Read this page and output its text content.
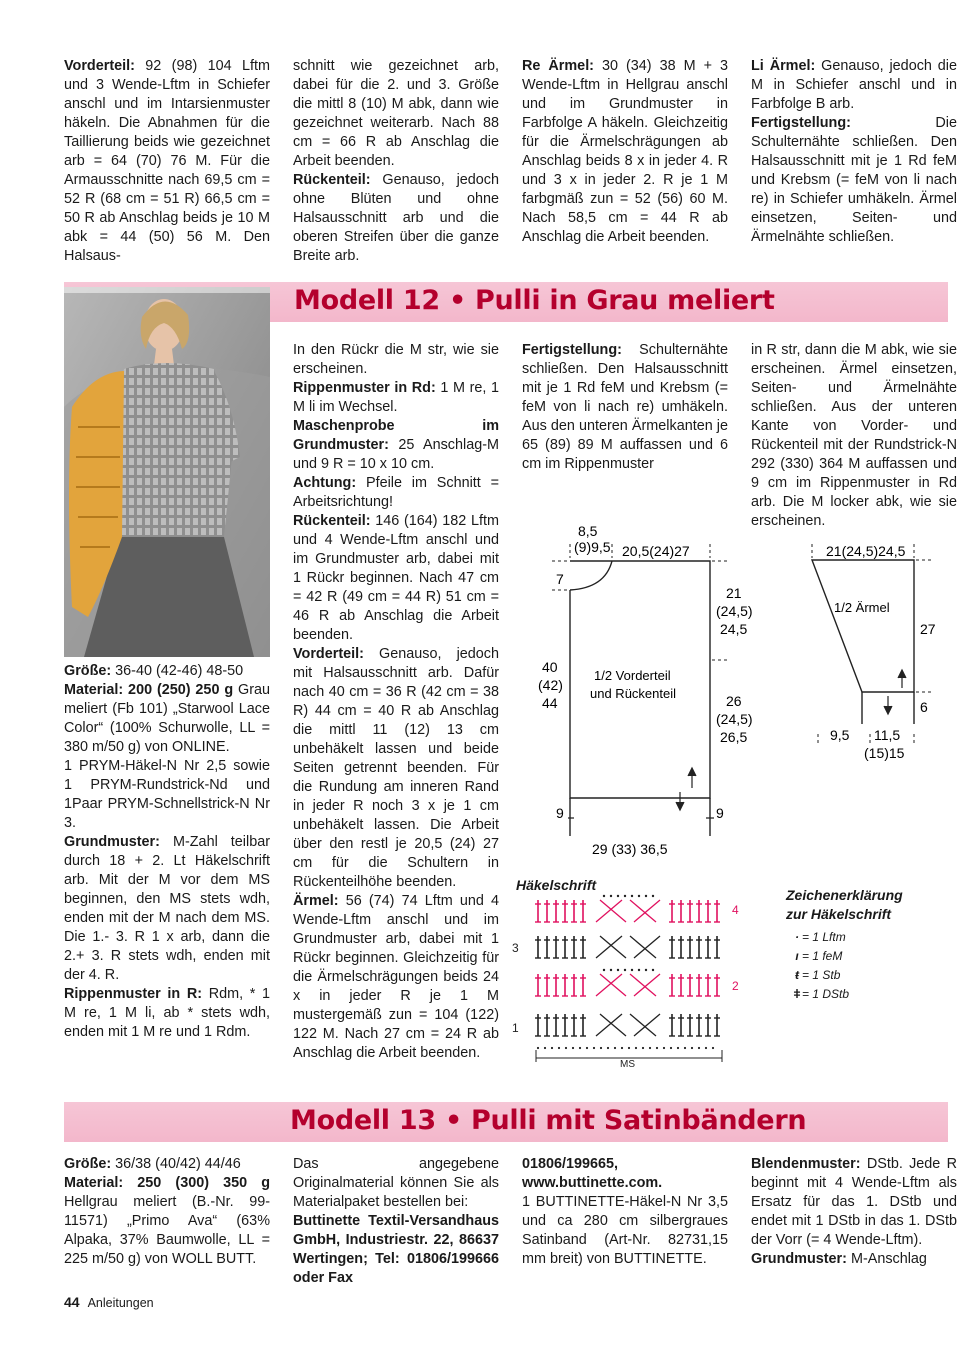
Vorderteil: 92 (98) 104 Lftm und 3 Wende-Lftm in Schiefer anschl und im Intarsienmuster häkeln. Die Abnahmen für die Taillierung beids wie gezeichnet arb = 64 (70) 76 M. Für die Armausschnitte nach 69,5 cm = 52 R (68 cm = 51 R) 66,5 cm = 50 R ab Anschlag beids je 10 M abk = 44 (50) 56 M. Den Halsaus-

schnitt wie gezeichnet arb, dabei für die 2. und 3. Größe die mittl 8 (10) M abk, dann wie gezeichnet weiterarb. Nach 88 cm = 66 R ab Anschlag die Arbeit beenden.

Rückenteil: Genauso, jedoch ohne Blüten und ohne Halsausschnitt arb und die oberen Streifen über die ganze Breite arb.

Re Ärmel: 30 (34) 38 M + 3 Wende-Lftm in Hellgrau anschl und im Grundmuster in Farbfolge A häkeln. Gleichzeitig für die Ärmelschrägungen ab Anschlag beids 8 x in jeder 4. R und 3 x in jeder 2. R je 1 M farbgmäß zun = 52 (56) 60 M. Nach 58,5 cm = 44 R ab Anschlag die Arbeit beenden.

Li Ärmel: Genauso, jedoch die M in Schiefer anschl und in Farbfolge B arb.

Fertigstellung: Die Schulternähte schließen. Den Halsausschnitt mit je 1 Rd feM und Krebsm (= feM von li nach re) in Schiefer umhäkeln. Ärmel einsetzen, Seiten- und Ärmelnähte schließen.

Modell 12 • Pulli in Grau meliert

Größe: 36-40 (42-46) 48-50

Material: 200 (250) 250 g Grau meliert (Fb 101) „Starwool Lace Color“ (100% Schurwolle, LL = 380 m/50 g) von ONLINE.

1 PRYM-Häkel-N Nr 2,5 sowie 1 PRYM-Rundstrick-Nd und 1Paar PRYM-Schnellstrick-N Nr 3.

Grundmuster: M-Zahl teilbar durch 18 + 2. Lt Häkelschrift arb. Mit der M vor dem MS beginnen, den MS stets wdh, enden mit der M nach dem MS. Die 1.- 3. R 1 x arb, dann die 2.+ 3. R stets wdh, enden mit der 4. R.

Rippenmuster in R: Rdm, * 1 M re, 1 M li, ab * stets wdh, enden mit 1 M re und 1 Rdm.

In den Rückr die M str, wie sie erscheinen.

Rippenmuster in Rd: 1 M re, 1 M li im Wechsel.

Maschenprobe im Grundmuster: 25 Anschlag-M und 9 R = 10 x 10 cm.

Achtung: Pfeile im Schnitt = Arbeitsrichtung!

Rückenteil: 146 (164) 182 Lftm und 4 Wende-Lftm anschl und im Grundmuster arb, dabei mit 1 Rückr beginnen. Nach 47 cm = 42 R (49 cm = 44 R) 51 cm = 46 R ab Anschlag die Arbeit beenden.

Vorderteil: Genauso, jedoch mit Halsausschnitt arb. Dafür nach 40 cm = 36 R (42 cm = 38 R) 44 cm = 40 R ab Anschlag die mittl 11 (12) 13 cm unbehäkelt lassen und beide Seiten getrennt beenden. Für die Rundung am inneren Rand in jeder R noch 3 x je 1 cm unbehäkelt lassen. Die Arbeit über den restl je 20,5 (24) 27 cm für die Schultern in Rückenteilhöhe beenden.

Ärmel: 56 (74) 74 Lftm und 4 Wende-Lftm anschl und im Grundmuster arb, dabei mit 1 Rückr beginnen. Gleichzeitig für die Ärmelschrägungen beids 24 x in jeder R je 1 M mustergemäß zun = 104 (122) 122 M. Nach 27 cm = 24 R ab Anschlag die Arbeit beenden.

Fertigstellung: Schulternähte schließen. Den Halsausschnitt mit je 1 Rd feM und Krebsm (= feM von li nach re) umhäkeln. Aus den unteren Ärmelkanten je 65 (89) 89 M auffassen und 6 cm im Rippenmuster

in R str, dann die M abk, wie sie erscheinen. Ärmel einsetzen, Seiten- und Ärmelnähte schließen. Aus der unteren Kante von Vorder- und Rückenteil mit der Rundstrick-N 292 (330) 364 M auffassen und 9 cm im Rippenmuster in Rd arb. Die M locker abk, wie sie erscheinen.

8,5
(9)9,5 20,5(24)27
7
21
(24,5)
24,5
40
(42)
44
1/2 Vorderteil
und Rückenteil	26
(24,5)
26,5
9	9
29 (33) 36,5
21(24,5)24,5
1/2 Ärmel
27
6
9,5 11,5
(15)15
Häkelschrift
3
1
4
2
MS
Zeichenerklärung
zur Häkelschrift
· = 1 Lftm
ı = 1 feM
ŧ = 1 Stb
ǂ = 1 DStb
Modell 13 • Pulli mit Satinbändern

Größe: 36/38 (40/42) 44/46

Material: 250 (300) 350 g Hellgrau meliert (B.-Nr. 99-11571) „Primo Ava“ (63% Alpaka, 37% Baumwolle, LL = 225 m/50 g) von WOLL BUTT.

Das angegebene Originalmaterial können Sie als Materialpaket bestellen bei:

Buttinette Textil-Versandhaus GmbH, Industriestr. 22, 86637 Wertingen; Tel: 01806/199666 oder Fax

01806/199665, www.buttinette.com.

1 BUTTINETTE-Häkel-N Nr 3,5 und ca 280 cm silbergraues Satinband (Art-Nr. 82731,15 mm breit) von BUTTINETTE.

Blendenmuster: DStb. Jede R beginnt mit 4 Wende-Lftm als Ersatz für das 1. DStb und endet mit 1 DStb in das 1. DStb der Vorr (= 4 Wende-Lftm).

Grundmuster: M-Anschlag

44 Anleitungen
